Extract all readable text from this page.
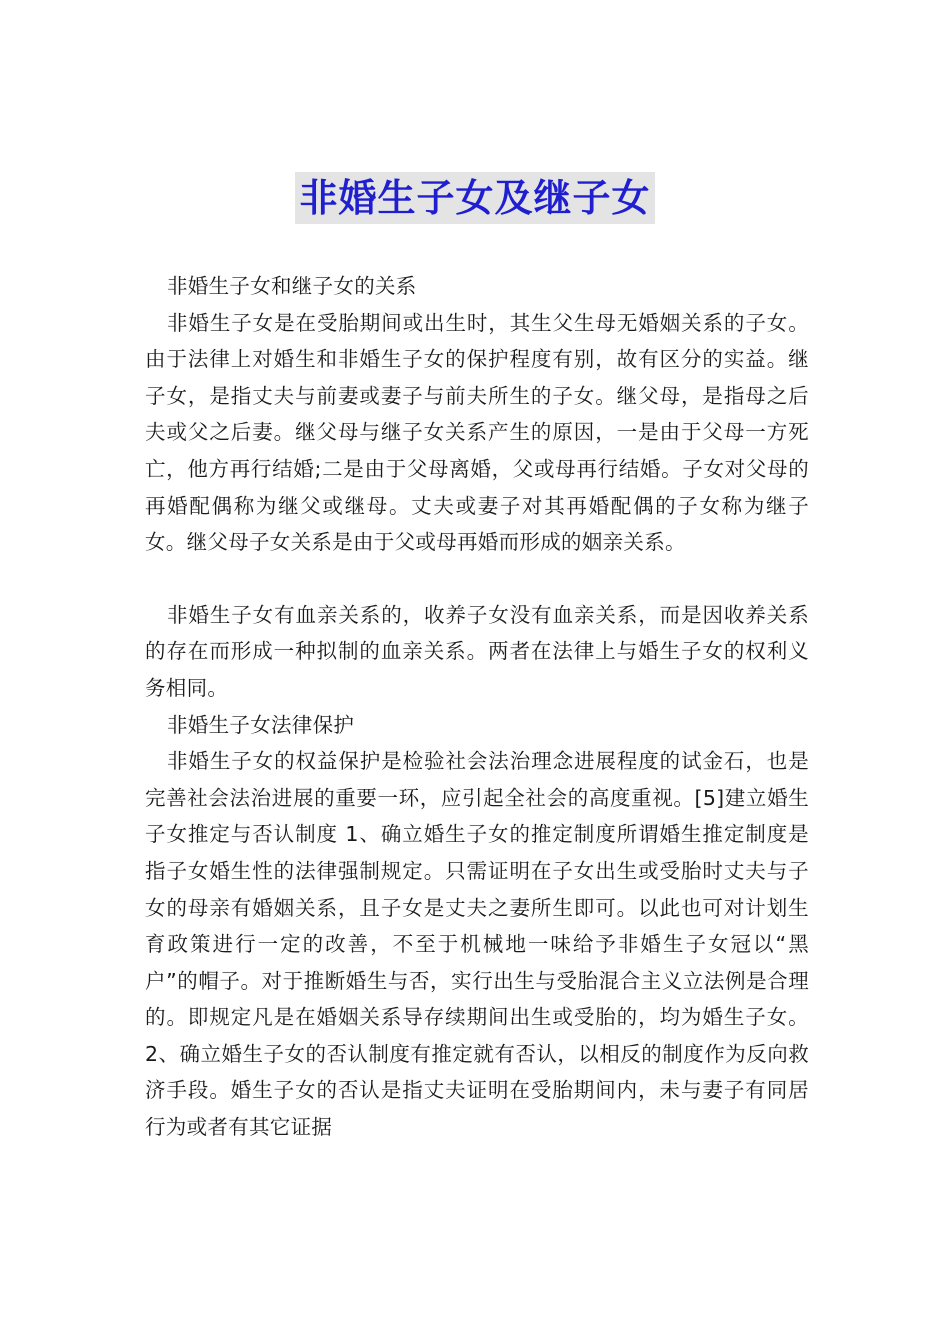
非婚生子女及继子女

非婚生子女和继子女的关系

非婚生子女是在受胎期间或出生时，其生父生母无婚姻关系的子女。由于法律上对婚生和非婚生子女的保护程度有别，故有区分的实益。继子女，是指丈夫与前妻或妻子与前夫所生的子女。继父母，是指母之后夫或父之后妻。继父母与继子女关系产生的原因，一是由于父母一方死亡，他方再行结婚;二是由于父母离婚，父或母再行结婚。子女对父母的再婚配偶称为继父或继母。丈夫或妻子对其再婚配偶的子女称为继子女。继父母子女关系是由于父或母再婚而形成的姻亲关系。

非婚生子女有血亲关系的，收养子女没有血亲关系，而是因收养关系的存在而形成一种拟制的血亲关系。两者在法律上与婚生子女的权利义务相同。

非婚生子女法律保护

非婚生子女的权益保护是检验社会法治理念进展程度的试金石，也是完善社会法治进展的重要一环，应引起全社会的高度重视。[5]建立婚生子女推定与否认制度 1、确立婚生子女的推定制度所谓婚生推定制度是指子女婚生性的法律强制规定。只需证明在子女出生或受胎时丈夫与子女的母亲有婚姻关系，且子女是丈夫之妻所生即可。以此也可对计划生育政策进行一定的改善，不至于机械地一味给予非婚生子女冠以“黑户”的帽子。对于推断婚生与否，实行出生与受胎混合主义立法例是合理的。即规定凡是在婚姻关系导存续期间出生或受胎的，均为婚生子女。2、确立婚生子女的否认制度有推定就有否认，以相反的制度作为反向救济手段。婚生子女的否认是指丈夫证明在受胎期间内，未与妻子有同居行为或者有其它证据
